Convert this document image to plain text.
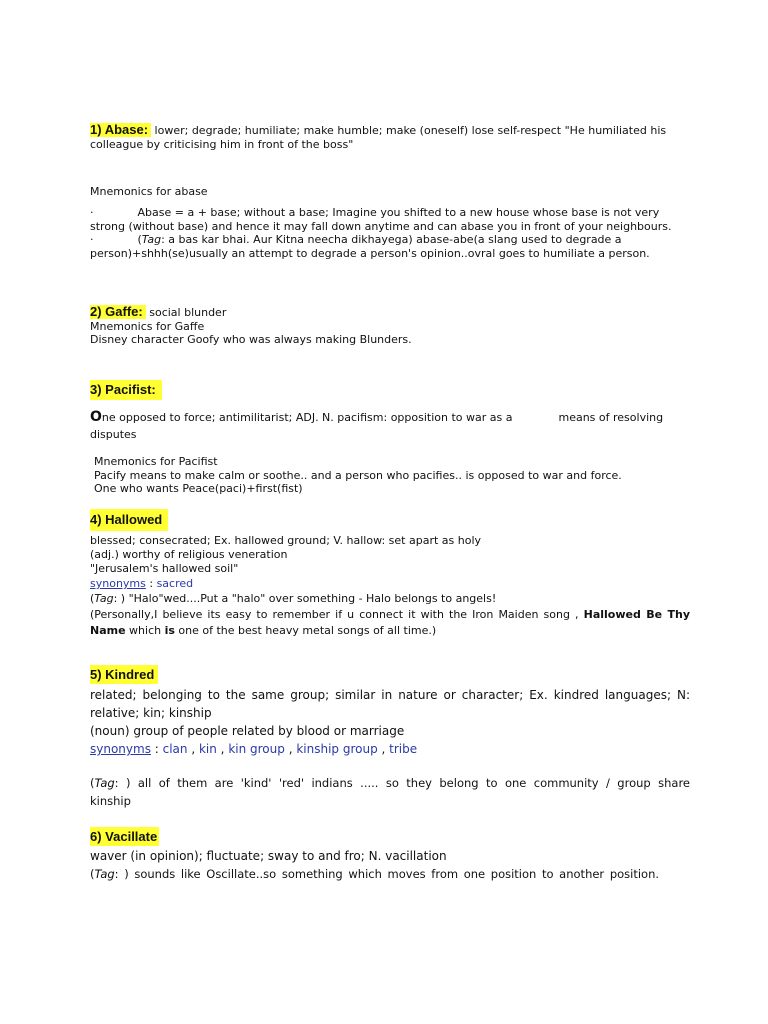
1) Abase: lower; degrade; humiliate; make humble; make (oneself) lose self-respect "He humiliated his colleague by criticising him in front of the boss"

Mnemonics for abase

·	Abase = a + base; without a base; Imagine you shifted to a new house whose base is not very strong (without base) and hence it may fall down anytime and can abase you in front of your neighbours.

·	(Tag: a bas kar bhai. Aur Kitna neecha dikhayega) abase-abe(a slang used to degrade a person)+shhh(se)usually an attempt to degrade a person's opinion..ovral goes to humiliate a person.

2) Gaffe: social blunder

Mnemonics for Gaffe

Disney character Goofy who was always making Blunders.

3) Pacifist:

One opposed to force; antimilitarist; ADJ. N. pacifism: opposition to war as a	means of resolving

disputes

Mnemonics for Pacifist

Pacify means to make calm or soothe.. and a person who pacifies.. is opposed to war and force.

One who wants Peace(paci)+first(fist)

4) Hallowed

blessed; consecrated; Ex. hallowed ground; V. hallow: set apart as holy

(adj.) worthy of religious veneration

"Jerusalem's hallowed soil"

synonyms : sacred

(Tag: ) "Halo"wed....Put a "halo" over something - Halo belongs to angels!

(Personally,I believe its easy to remember if u connect it with the Iron Maiden song , Hallowed Be Thy Name which is one of the best heavy metal songs of all time.)

5) Kindred

related; belonging to the same group; similar in nature or character; Ex. kindred languages; N: relative; kin; kinship

(noun) group of people related by blood or marriage

synonyms : clan , kin , kin group , kinship group , tribe

(Tag: ) all of them are 'kind' 'red' indians ..... so they belong to one community / group share kinship

6) Vacillate

waver (in opinion); fluctuate; sway to and fro; N. vacillation

(Tag: ) sounds like Oscillate..so something which moves from one position to another position.
